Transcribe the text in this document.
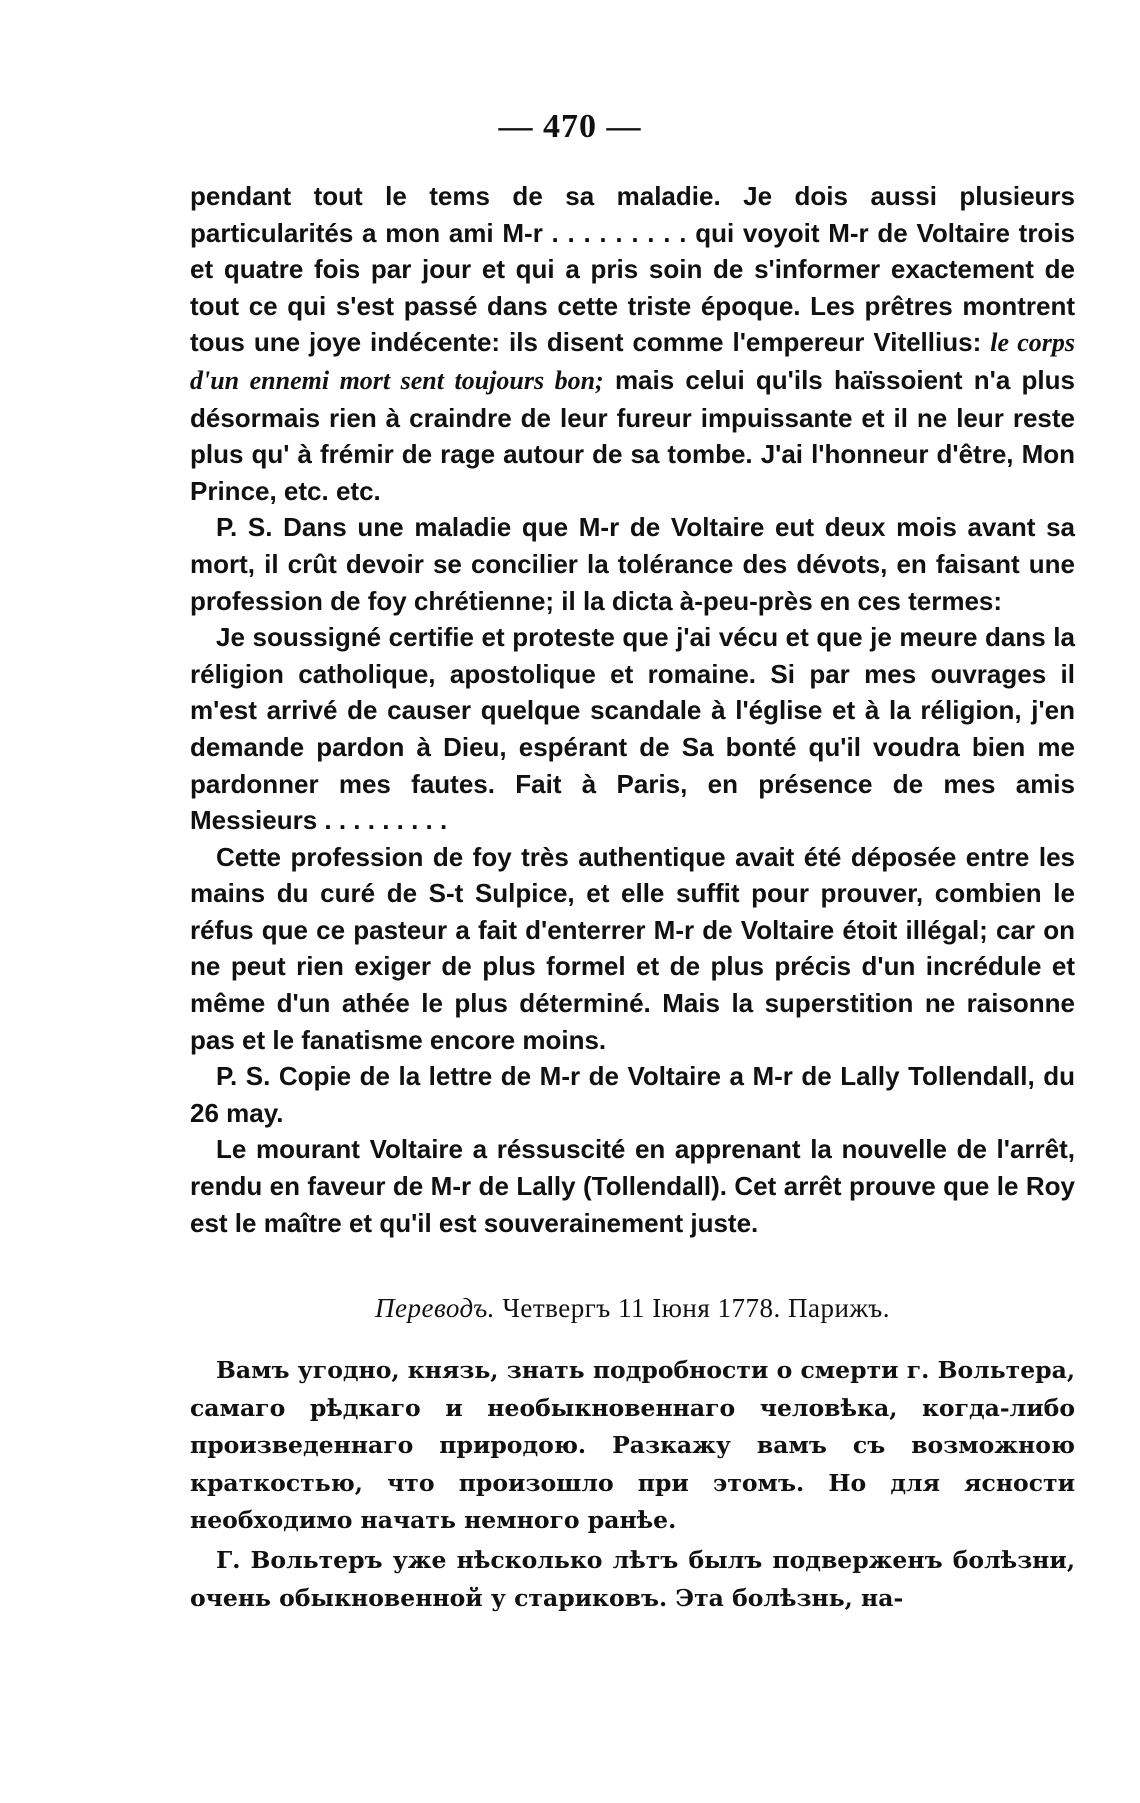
— 470 —

pendant tout le tems de sa maladie. Je dois aussi plusieurs particularités a mon ami M-r . . . . . . . . . qui voyoit M-r de Voltaire trois et quatre fois par jour et qui a pris soin de s'informer exactement de tout ce qui s'est passé dans cette triste époque. Les prêtres montrent tous une joye indécente: ils disent comme l'empereur Vitellius: le corps d'un ennemi mort sent toujours bon; mais celui qu'ils haïssoient n'a plus désormais rien à craindre de leur fureur impuissante et il ne leur reste plus qu' à frémir de rage autour de sa tombe. J'ai l'honneur d'être, Mon Prince, etc. etc.

P. S. Dans une maladie que M-r de Voltaire eut deux mois avant sa mort, il crût devoir se concilier la tolérance des dévots, en faisant une profession de foy chrétienne; il la dicta à-peu-près en ces termes:

Je soussigné certifie et proteste que j'ai vécu et que je meure dans la réligion catholique, apostolique et romaine. Si par mes ouvrages il m'est arrivé de causer quelque scandale à l'église et à la réligion, j'en demande pardon à Dieu, espérant de Sa bonté qu'il voudra bien me pardonner mes fautes. Fait à Paris, en présence de mes amis Messieurs . . . . . . . . .

Cette profession de foy très authentique avait été déposée entre les mains du curé de S-t Sulpice, et elle suffit pour prouver, combien le réfus que ce pasteur a fait d'enterrer M-r de Voltaire étoit illégal; car on ne peut rien exiger de plus formel et de plus précis d'un incrédule et même d'un athée le plus déterminé. Mais la superstition ne raisonne pas et le fanatisme encore moins.

P. S. Copie de la lettre de M-r de Voltaire a M-r de Lally Tollendall, du 26 may.

Le mourant Voltaire a réssuscité en apprenant la nouvelle de l'arrêt, rendu en faveur de M-r de Lally (Tollendall). Cet arrêt prouve que le Roy est le maître et qu'il est souverainement juste.

Переводъ. Четвергъ 11 Іюня 1778. Парижъ.

Вамъ угодно, князь, знать подробности о смерти г. Вольтера, самаго рѣдкаго и необыкновеннаго человѣка, когда-либо произведеннаго природою. Разкажу вамъ съ возможною краткостью, что произошло при этомъ. Но для ясности необходимо начать немного ранѣе.

Г. Вольтеръ уже нѣсколько лѣтъ былъ подверженъ болѣзни, очень обыкновенной у стариковъ. Эта болѣзнь, на-
